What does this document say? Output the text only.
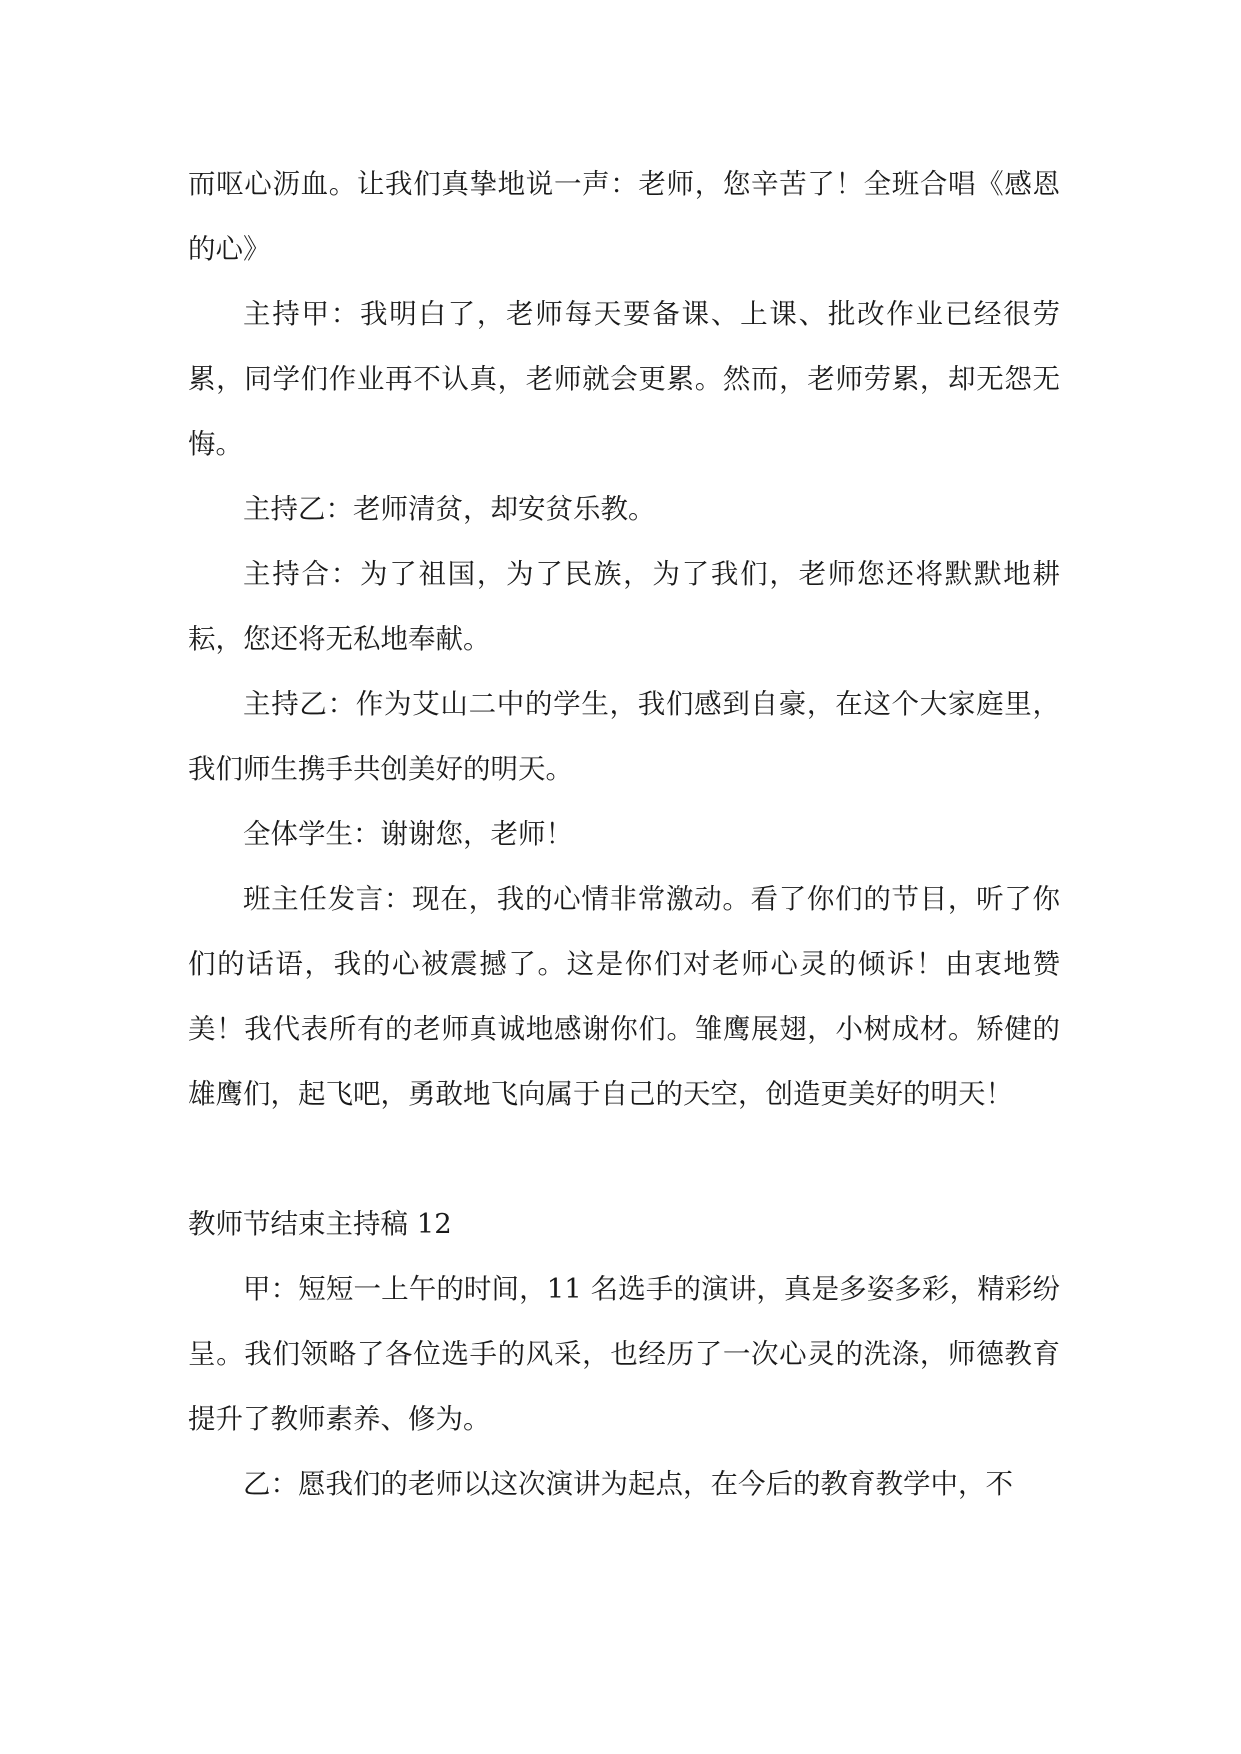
而呕心沥血。让我们真挚地说一声：老师，您辛苦了！全班合唱《感恩的心》

主持甲：我明白了，老师每天要备课、上课、批改作业已经很劳累，同学们作业再不认真，老师就会更累。然而，老师劳累，却无怨无悔。

主持乙：老师清贫，却安贫乐教。

主持合：为了祖国，为了民族，为了我们，老师您还将默默地耕耘，您还将无私地奉献。

主持乙：作为艾山二中的学生，我们感到自豪，在这个大家庭里，我们师生携手共创美好的明天。

全体学生：谢谢您，老师！

班主任发言：现在，我的心情非常激动。看了你们的节目，听了你们的话语，我的心被震撼了。这是你们对老师心灵的倾诉！由衷地赞美！我代表所有的老师真诚地感谢你们。雏鹰展翅，小树成材。矫健的雄鹰们，起飞吧，勇敢地飞向属于自己的天空，创造更美好的明天！

教师节结束主持稿 12

甲：短短一上午的时间，11 名选手的演讲，真是多姿多彩，精彩纷呈。我们领略了各位选手的风采，也经历了一次心灵的洗涤，师德教育提升了教师素养、修为。

乙：愿我们的老师以这次演讲为起点，在今后的教育教学中，不
